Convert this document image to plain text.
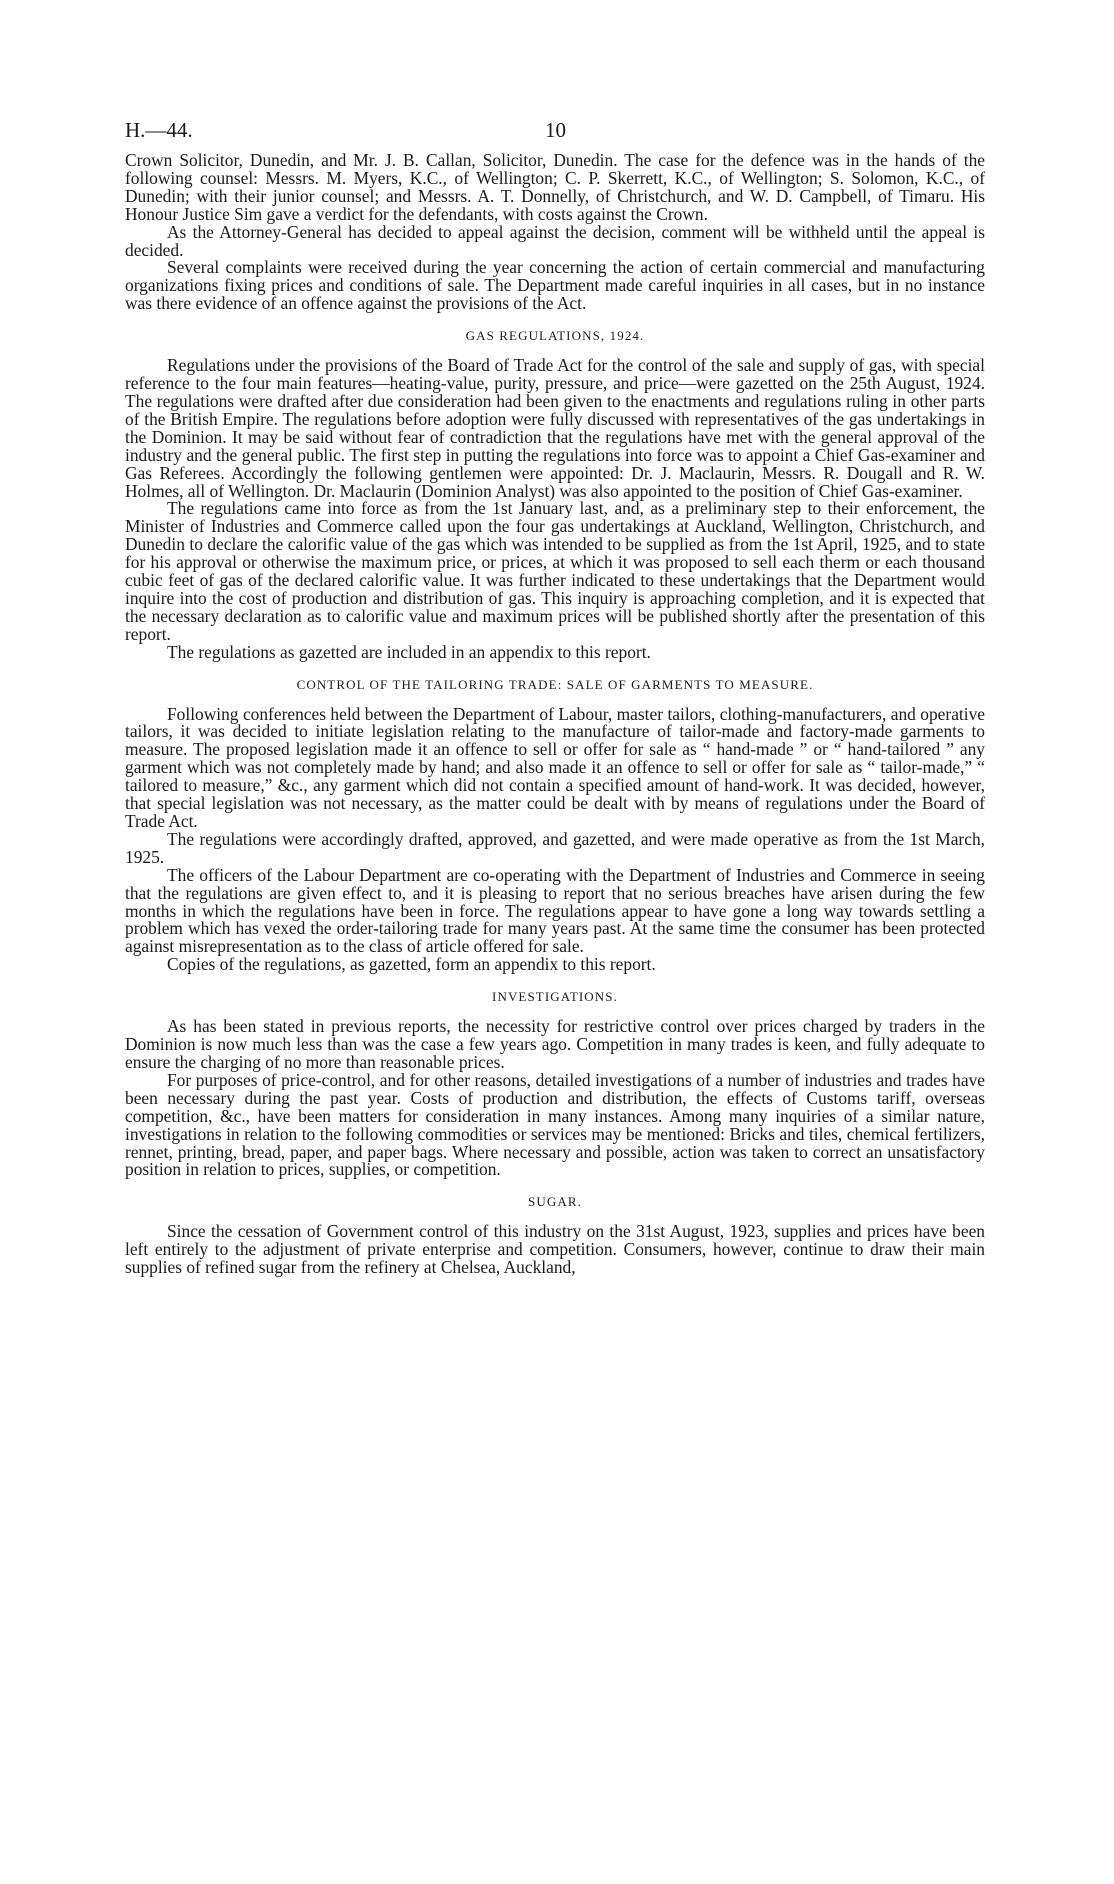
H.—44.	10

Crown Solicitor, Dunedin, and Mr. J. B. Callan, Solicitor, Dunedin. The case for the defence was in the hands of the following counsel: Messrs. M. Myers, K.C., of Wellington; C. P. Skerrett, K.C., of Wellington; S. Solomon, K.C., of Dunedin; with their junior counsel; and Messrs. A. T. Donnelly, of Christchurch, and W. D. Campbell, of Timaru. His Honour Justice Sim gave a verdict for the defendants, with costs against the Crown.

As the Attorney-General has decided to appeal against the decision, comment will be withheld until the appeal is decided.

Several complaints were received during the year concerning the action of certain commercial and manufacturing organizations fixing prices and conditions of sale. The Department made careful inquiries in all cases, but in no instance was there evidence of an offence against the provisions of the Act.

GAS REGULATIONS, 1924.

Regulations under the provisions of the Board of Trade Act for the control of the sale and supply of gas, with special reference to the four main features—heating-value, purity, pressure, and price—were gazetted on the 25th August, 1924. The regulations were drafted after due consideration had been given to the enactments and regulations ruling in other parts of the British Empire. The regulations before adoption were fully discussed with representatives of the gas undertakings in the Dominion. It may be said without fear of contradiction that the regulations have met with the general approval of the industry and the general public. The first step in putting the regulations into force was to appoint a Chief Gas-examiner and Gas Referees. Accordingly the following gentlemen were appointed: Dr. J. Maclaurin, Messrs. R. Dougall and R. W. Holmes, all of Wellington. Dr. Maclaurin (Dominion Analyst) was also appointed to the position of Chief Gas-examiner.

The regulations came into force as from the 1st January last, and, as a preliminary step to their enforcement, the Minister of Industries and Commerce called upon the four gas undertakings at Auckland, Wellington, Christchurch, and Dunedin to declare the calorific value of the gas which was intended to be supplied as from the 1st April, 1925, and to state for his approval or otherwise the maximum price, or prices, at which it was proposed to sell each therm or each thousand cubic feet of gas of the declared calorific value. It was further indicated to these undertakings that the Department would inquire into the cost of production and distribution of gas. This inquiry is approaching completion, and it is expected that the necessary declaration as to calorific value and maximum prices will be published shortly after the presentation of this report.

The regulations as gazetted are included in an appendix to this report.

CONTROL OF THE TAILORING TRADE: SALE OF GARMENTS TO MEASURE.

Following conferences held between the Department of Labour, master tailors, clothing-manufacturers, and operative tailors, it was decided to initiate legislation relating to the manufacture of tailor-made and factory-made garments to measure. The proposed legislation made it an offence to sell or offer for sale as “ hand-made ” or “ hand-tailored ” any garment which was not completely made by hand; and also made it an offence to sell or offer for sale as “ tailor-made,” “ tailored to measure,” &c., any garment which did not contain a specified amount of hand-work. It was decided, however, that special legislation was not necessary, as the matter could be dealt with by means of regulations under the Board of Trade Act.

The regulations were accordingly drafted, approved, and gazetted, and were made operative as from the 1st March, 1925.

The officers of the Labour Department are co-operating with the Department of Industries and Commerce in seeing that the regulations are given effect to, and it is pleasing to report that no serious breaches have arisen during the few months in which the regulations have been in force. The regulations appear to have gone a long way towards settling a problem which has vexed the order-tailoring trade for many years past. At the same time the consumer has been protected against misrepresentation as to the class of article offered for sale.

Copies of the regulations, as gazetted, form an appendix to this report.

INVESTIGATIONS.

As has been stated in previous reports, the necessity for restrictive control over prices charged by traders in the Dominion is now much less than was the case a few years ago. Competition in many trades is keen, and fully adequate to ensure the charging of no more than reasonable prices.

For purposes of price-control, and for other reasons, detailed investigations of a number of industries and trades have been necessary during the past year. Costs of production and distribution, the effects of Customs tariff, overseas competition, &c., have been matters for consideration in many instances. Among many inquiries of a similar nature, investigations in relation to the following commodities or services may be mentioned: Bricks and tiles, chemical fertilizers, rennet, printing, bread, paper, and paper bags. Where necessary and possible, action was taken to correct an unsatisfactory position in relation to prices, supplies, or competition.

SUGAR.

Since the cessation of Government control of this industry on the 31st August, 1923, supplies and prices have been left entirely to the adjustment of private enterprise and competition. Consumers, however, continue to draw their main supplies of refined sugar from the refinery at Chelsea, Auckland,
